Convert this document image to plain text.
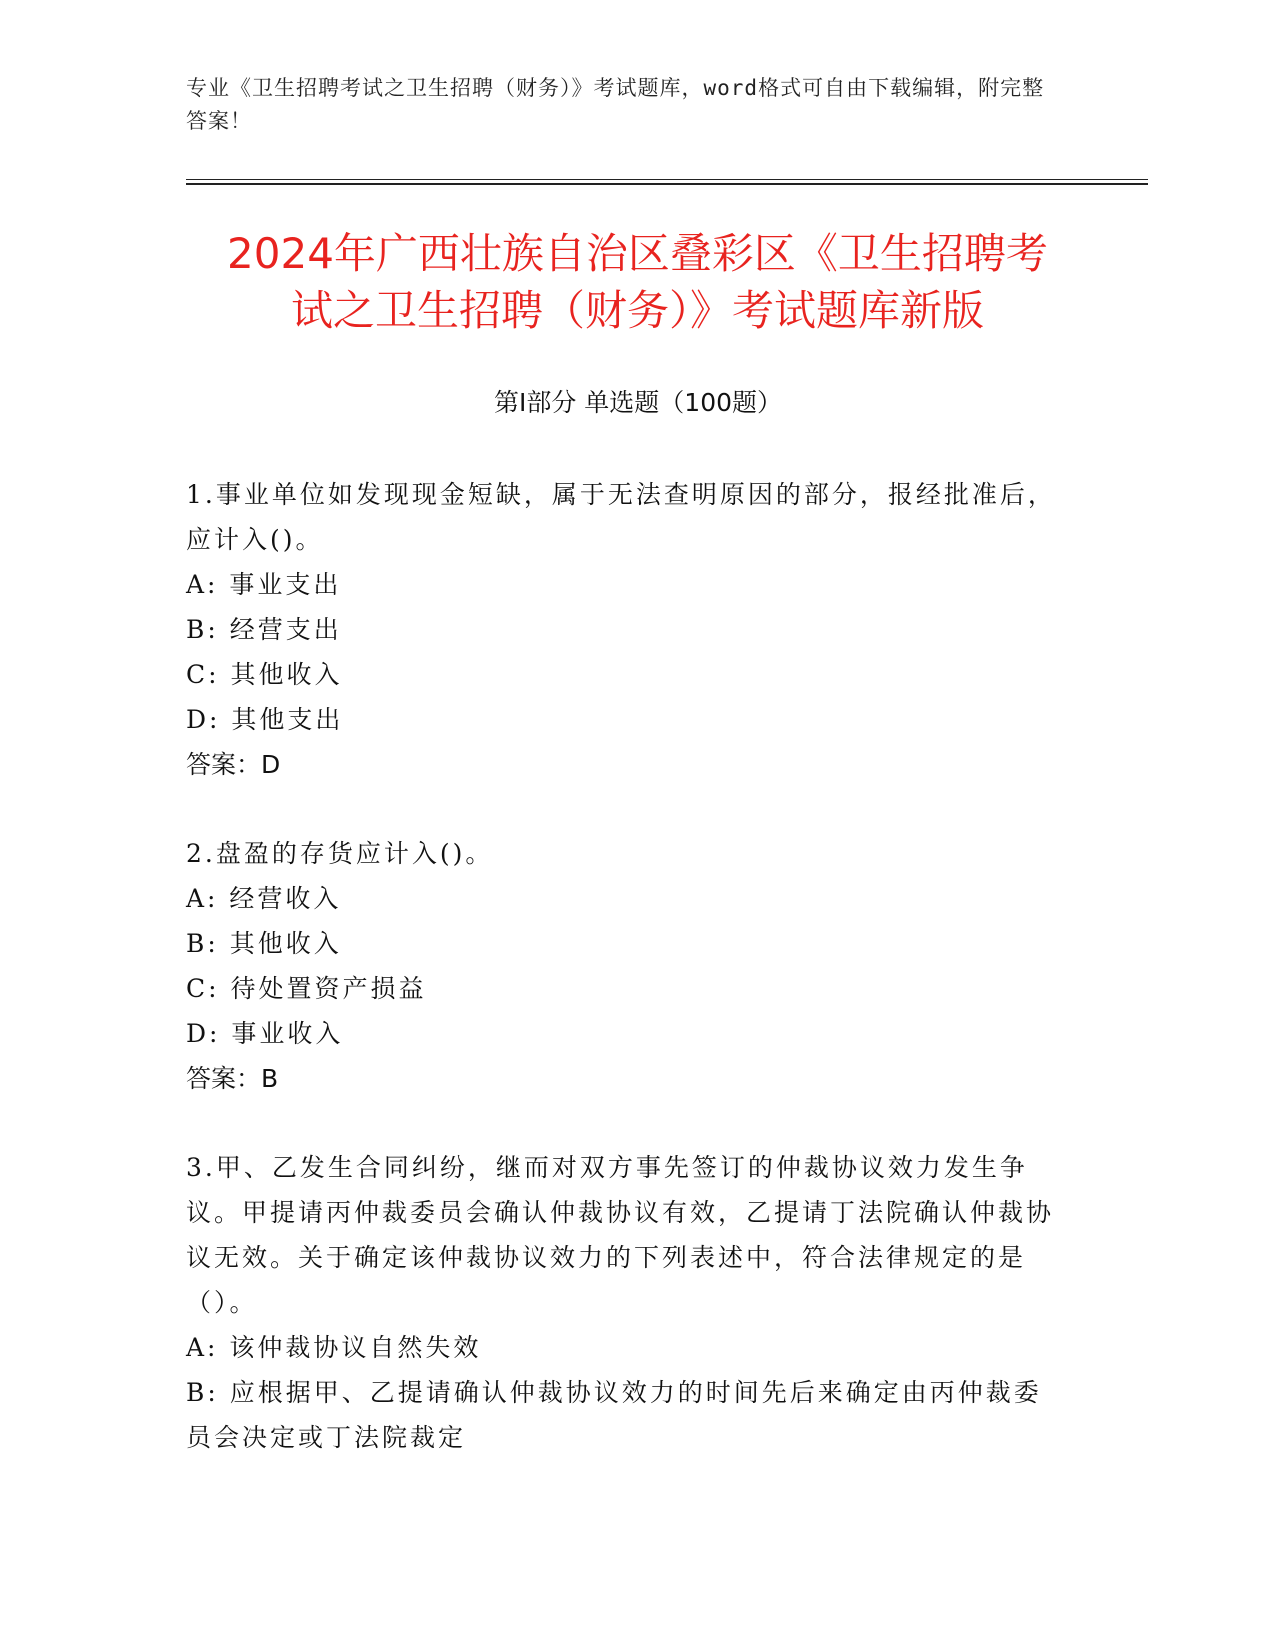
专业《卫生招聘考试之卫生招聘（财务）》考试题库，word格式可自由下载编辑，附完整答案！
2024年广西壮族自治区叠彩区《卫生招聘考
试之卫生招聘（财务）》考试题库新版
第Ⅰ部分 单选题（100题）
1.事业单位如发现现金短缺，属于无法查明原因的部分，报经批准后，应计入()。
A: 事业支出
B: 经营支出
C: 其他收入
D: 其他支出
答案：D
2.盘盈的存货应计入()。
A: 经营收入
B: 其他收入
C: 待处置资产损益
D: 事业收入
答案：B
3.甲、乙发生合同纠纷，继而对双方事先签订的仲裁协议效力发生争议。甲提请丙仲裁委员会确认仲裁协议有效，乙提请丁法院确认仲裁协议无效。关于确定该仲裁协议效力的下列表述中，符合法律规定的是（）。
A: 该仲裁协议自然失效
B: 应根据甲、乙提请确认仲裁协议效力的时间先后来确定由丙仲裁委员会决定或丁法院裁定
